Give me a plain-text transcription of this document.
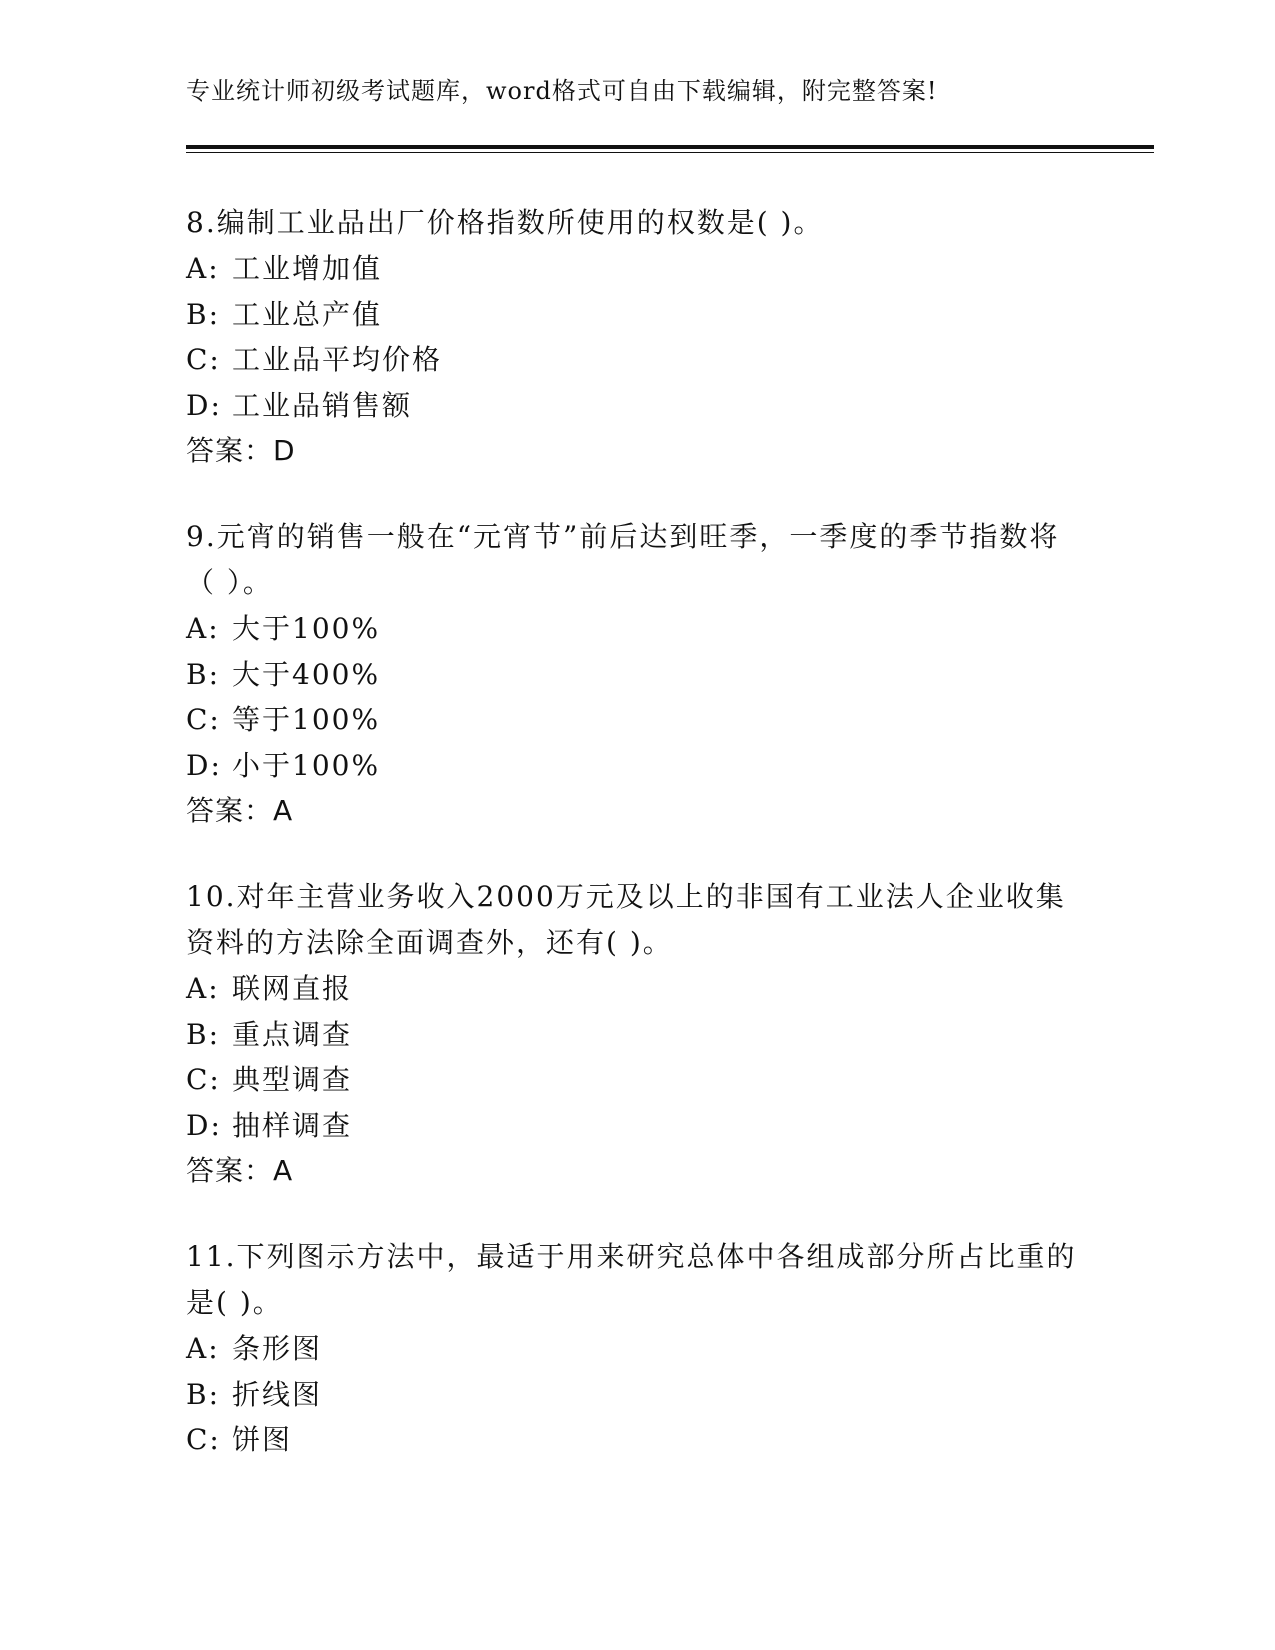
专业统计师初级考试题库，word格式可自由下载编辑，附完整答案!
8.编制工业品出厂价格指数所使用的权数是( )。
A: 工业增加值
B: 工业总产值
C: 工业品平均价格
D: 工业品销售额
答案：D
9.元宵的销售一般在“元宵节”前后达到旺季，一季度的季节指数将（ ）。
A: 大于100%
B: 大于400%
C: 等于100%
D: 小于100%
答案：A
10.对年主营业务收入2000万元及以上的非国有工业法人企业收集资料的方法除全面调查外，还有( )。
A: 联网直报
B: 重点调查
C: 典型调查
D: 抽样调查
答案：A
11.下列图示方法中，最适于用来研究总体中各组成部分所占比重的是( )。
A: 条形图
B: 折线图
C: 饼图
